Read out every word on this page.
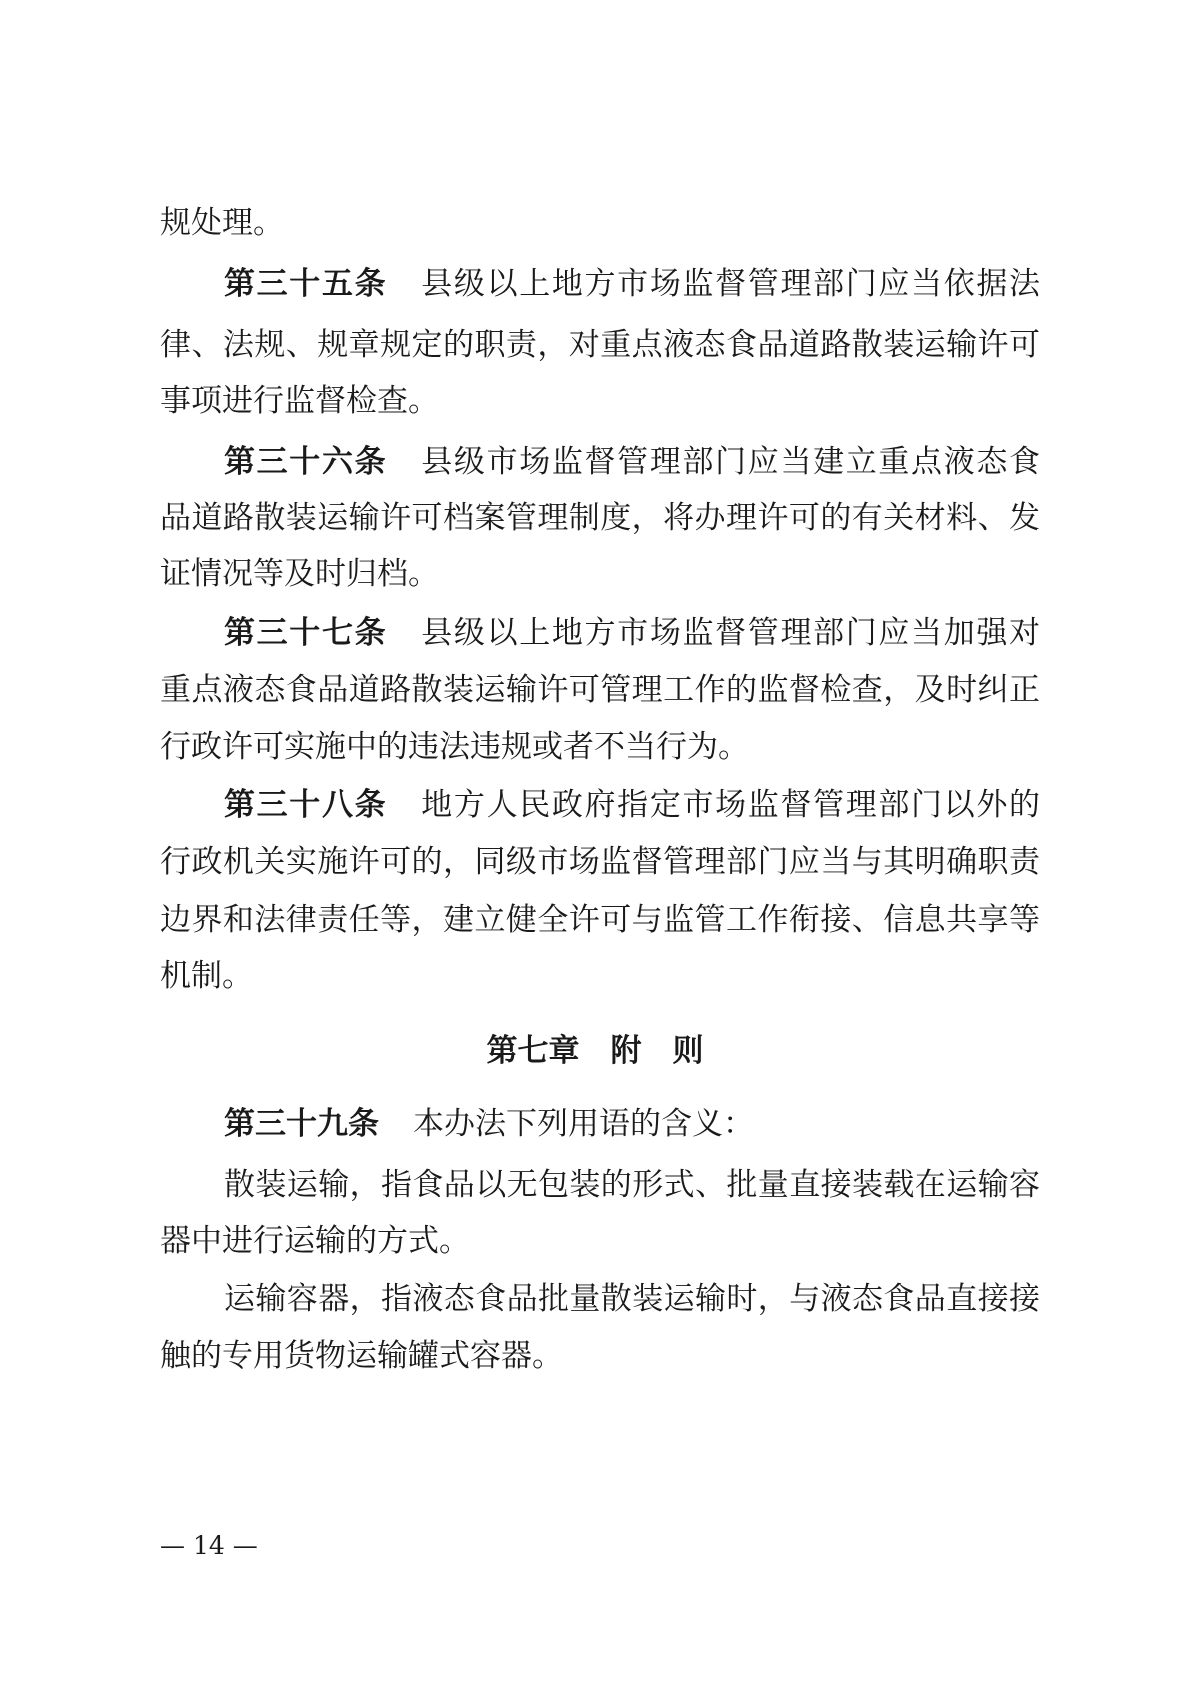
规处理。
第三十五条 县级以上地方市场监督管理部门应当依据法
律、法规、规章规定的职责，对重点液态食品道路散装运输许可
事项进行监督检查。
第三十六条 县级市场监督管理部门应当建立重点液态食
品道路散装运输许可档案管理制度，将办理许可的有关材料、发
证情况等及时归档。
第三十七条 县级以上地方市场监督管理部门应当加强对
重点液态食品道路散装运输许可管理工作的监督检查，及时纠正
行政许可实施中的违法违规或者不当行为。
第三十八条 地方人民政府指定市场监督管理部门以外的
行政机关实施许可的，同级市场监督管理部门应当与其明确职责
边界和法律责任等，建立健全许可与监管工作衔接、信息共享等
机制。
第七章　附　则
第三十九条 本办法下列用语的含义：
散装运输，指食品以无包装的形式、批量直接装载在运输容
器中进行运输的方式。
运输容器，指液态食品批量散装运输时，与液态食品直接接
触的专用货物运输罐式容器。
— 14 —
